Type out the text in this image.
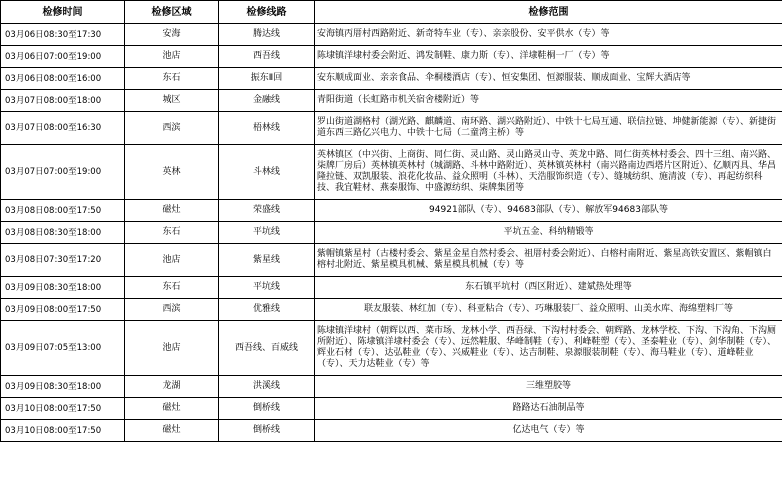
检修时间	检修区域	检修线路	检修范围
03月06日08:30至17:30	安海	腾达线	安海镇丙厝村西路附近、新奇特车业（专）、亲亲股份、安平供水（专）等
03月06日07:00至19:00	池店	西吾线	陈埭镇洋埭村委会附近、鸿发制鞋、康力斯（专）、洋埭鞋桐一厂（专）等
03月06日08:00至16:00	东石	振东Ⅱ回	安东顺成面业、亲亲食品、伞桐楼酒店（专）、恒安集团、恒源服装、顺成面业、宝辉大酒店等
03月07日08:00至18:00	城区	金融线	青阳街道（长虹路市机关宿舍楼附近）等
03月07日08:00至16:30	西滨	梧林线	罗山街道湖格村（湖光路、麒麟道、南环路、湖兴路附近）、中铁十七局互通、联信拉链、坤健新能源（专）、新捷街道东西三路亿兴电力、中铁十七局（二童湾主桥）等
03月07日07:00至19:00	英林	斗林线	英林镇区（中兴街、上商街、同仁街、灵山路、灵山路灵山寺、英龙中路、同仁街英林村委会、四十三组、南兴路、柒牌厂房后）英林镇英林村（城湖路、斗林中路附近）、英林镇英林村（南兴路南边西塔片区附近）、亿顺丙具、华昌隆拉链、双凯服装、浪花化妆品、益众照明（斗林）、天浩服饰织造（专）、缝城纺织、施清波（专）、再起纺织科技、我宜鞋材、燕泰服饰、中盛源纺织、柒牌集团等
03月08日08:00至17:50	磁灶	荣盛线	94921部队（专）、94683部队（专）、解放军94683部队等
03月08日08:30至18:00	东石	平坑线	平坑五金、科纳精锻等
03月08日07:30至17:20	池店	紫星线	紫帽镇紫星村（古楼村委会、紫星金星自然村委会、祖厝村委会附近）、白榕村南附近、紫星高铁安置区、紫帽镇白榕村北附近、紫星模具机械、紫星模具机械（专）等
03月09日08:30至18:00	东石	平坑线	东石镇平坑村（西区附近）、建斌热处理等
03月09日08:00至17:50	西滨	优雅线	联友服装、林红加（专）、科亚粘合（专）、巧琳服装厂、益众照明、山美水库、海绵塑料厂等
03月09日07:05至13:00	池店	西吾线、百威线	陈埭镇洋埭村（朝辉以西、菜市场、龙林小学、西吾绿、下沟村村委会、朝辉路、龙林学校、下沟、下沟角、下沟厕所附近）、陈埭镇洋埭村委会（专）、远然鞋服、华峰制鞋（专）、利峰鞋塑（专）、圣泰鞋业（专）、剑华制鞋（专）、辉业石材（专）、达弘鞋业（专）、兴威鞋业（专）、达吉制鞋、泉源服装制鞋（专）、海马鞋业（专）、道峰鞋业（专）、天力达鞋业（专）等
03月09日08:30至18:00	龙湖	洪溪线	三维塑胶等
03月10日08:00至17:50	磁灶	倒桥线	路路达石油制品等
03月10日08:00至17:50	磁灶	倒桥线	亿达电气（专）等
